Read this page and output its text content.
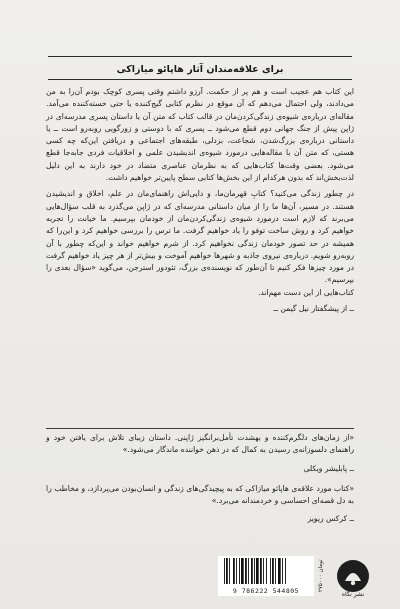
برای علاقه‌مندان آثار هاپائو میازاکی

این کتاب هم عجیب است و هم پر از حکمت. آرزو داشتم وقتی پسری کوچک بودم آن‌را به من می‌دادند، ولی احتمال می‌دهم که آن موقع در نظرم کتابی گیج‌کننده یا حتی خسته‌کننده می‌آمد. مقاله‌ای درباره‌ی شیوه‌ی زندگی‌کردن‌مان در قالب کتاب که متن آن یا داستان پسری مدرسه‌ای در ژاپن پیش از جنگ جهانی دوم قطع می‌شود ــ پسری که با دوستی و زورگویی روبه‌رو است ــ یا داستانی درباره‌ی بزرگ‌شدن، شجاعت، بزدلی، طبقه‌های اجتماعی و دریافتن این‌که چه کسی هستی، که متن آن با مقاله‌هایی درمورد شیوه‌ی اندیشیدن علمی و اخلاقیات فردی جابه‌جا قطع می‌شود. بعضی وقت‌ها کتاب‌هایی که به نظرمان عناصری متضاد در خود دارند به این دلیل لذت‌بخش‌اند که بدون هرکدام از این بخش‌ها کتابی سطح پایین‌تر خواهیم داشت.

در چطور زندگی می‌کنید؟ کتابِ قهرمان‌ما، و دایی‌اش راهنمای‌مان در علم، اخلاق و اندیشیدن هستند. در مسیر، آن‌ها ما را از میان داستانی مدرسه‌ای که در ژاپن می‌گذرد به قلب سؤال‌هایی می‌برند که لازم است درمورد شیوه‌ی زندگی‌کردن‌مان از خودمان بپرسیم. ما خیانت را تجربه خواهیم کرد و روش ساخت توفو را یاد خواهیم گرفت. ما ترس را بررسی خواهیم کرد و این‌را که همیشه در حد تصور خودمان زندگی نخواهیم کرد. از شرم خواهیم خواند و این‌که چطور با آن روبه‌رو شویم. درباره‌ی نیروی جاذبه و شهرها خواهیم آموخت و بیش‌تر از هر چیز یاد خواهیم گرفت در مورد چیزها فکر کنیم تا آن‌طور که نویسنده‌ی بزرگ، تئودور استرجن، می‌گوید «سؤال بعدی را بپرسیم».

کتاب‌هایی از این دست مهم‌اند.

ــ از پیشگفتار نیل گیمن ــ

«از زمان‌های دلگرم‌کننده و بهشدت تأمل‌برانگیز ژاپنی. داستان زیبای تلاش برای یافتن خود و راهنمای دلسوزانه‌ی رسیدن به کمال که در ذهن خواننده ماندگار می‌شود.»

ــ پابلیشر ویکلی

«کتاب مورد علاقه‌ی هاپائو میازاکی که به پیچیدگی‌های زندگی و انسان‌بودن می‌پردازد، و مخاطب را به دل قصه‌ای احساسی و خردمندانه می‌برد.»

ــ کرکس ریویز

9 786222 544805	۲۷۵۰۰۰ تومان
نشر نگاه
